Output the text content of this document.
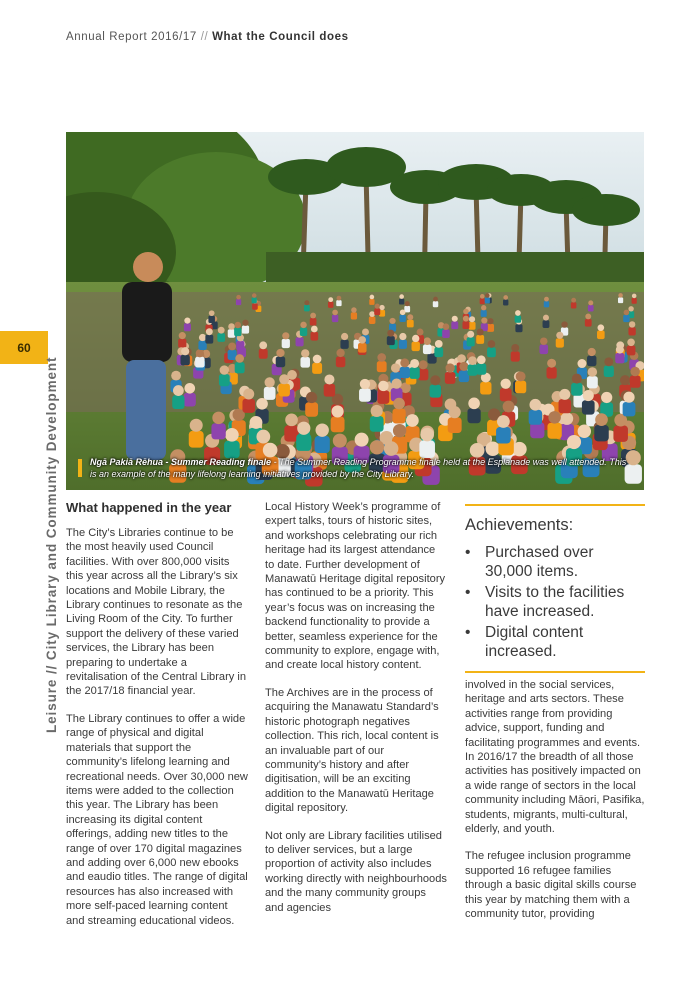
Annual Report 2016/17 // What the Council does
60
Leisure // City Library and Community Development	Ngā Pakiā Rēhua - Summer Reading finale - The Summer Reading Programme finale held at the Esplanade was well attended. This is an example of the many lifelong learning initiatives provided by the City Library.
What happened in the year

The City’s Libraries continue to be the most heavily used Council facilities. With over 800,000 visits this year across all the Library’s six locations and Mobile Library, the Library continues to resonate as the Living Room of the City. To further support the delivery of these varied services, the Library has been preparing to undertake a revitalisation of the Central Library in the 2017/18 financial year.

The Library continues to offer a wide range of physical and digital materials that support the community’s lifelong learning and recreational needs. Over 30,000 new items were added to the collection this year. The Library has been increasing its digital content offerings, adding new titles to the range of over 170 digital magazines and adding over 6,000 new ebooks and eaudio titles. The range of digital resources has also increased with more self-paced learning content and streaming educational videos.

Local History Week’s programme of expert talks, tours of historic sites, and workshops celebrating our rich heritage had its largest attendance to date. Further development of Manawatū Heritage digital repository has continued to be a priority. This year’s focus was on increasing the backend functionality to provide a better, seamless experience for the community to explore, engage with, and create local history content.

The Archives are in the process of acquiring the Manawatu Standard’s historic photograph negatives collection. This rich, local content is an invaluable part of our community’s history and after digitisation, will be an exciting addition to the Manawatū Heritage digital repository.

Not only are Library facilities utilised to deliver services, but a large proportion of activity also includes working directly with neighbourhoods and the many community groups and agencies

Achievements:
• Purchased over 30,000 items.
• Visits to the facilities have increased.
• Digital content increased.

involved in the social services, heritage and arts sectors. These activities range from providing advice, support, funding and facilitating programmes and events. In 2016/17 the breadth of all those activities has positively impacted on a wide range of sectors in the local community including Māori, Pasifika, students, migrants, multi-cultural, elderly, and youth.

The refugee inclusion programme supported 16 refugee families through a basic digital skills course this year by matching them with a community tutor, providing
